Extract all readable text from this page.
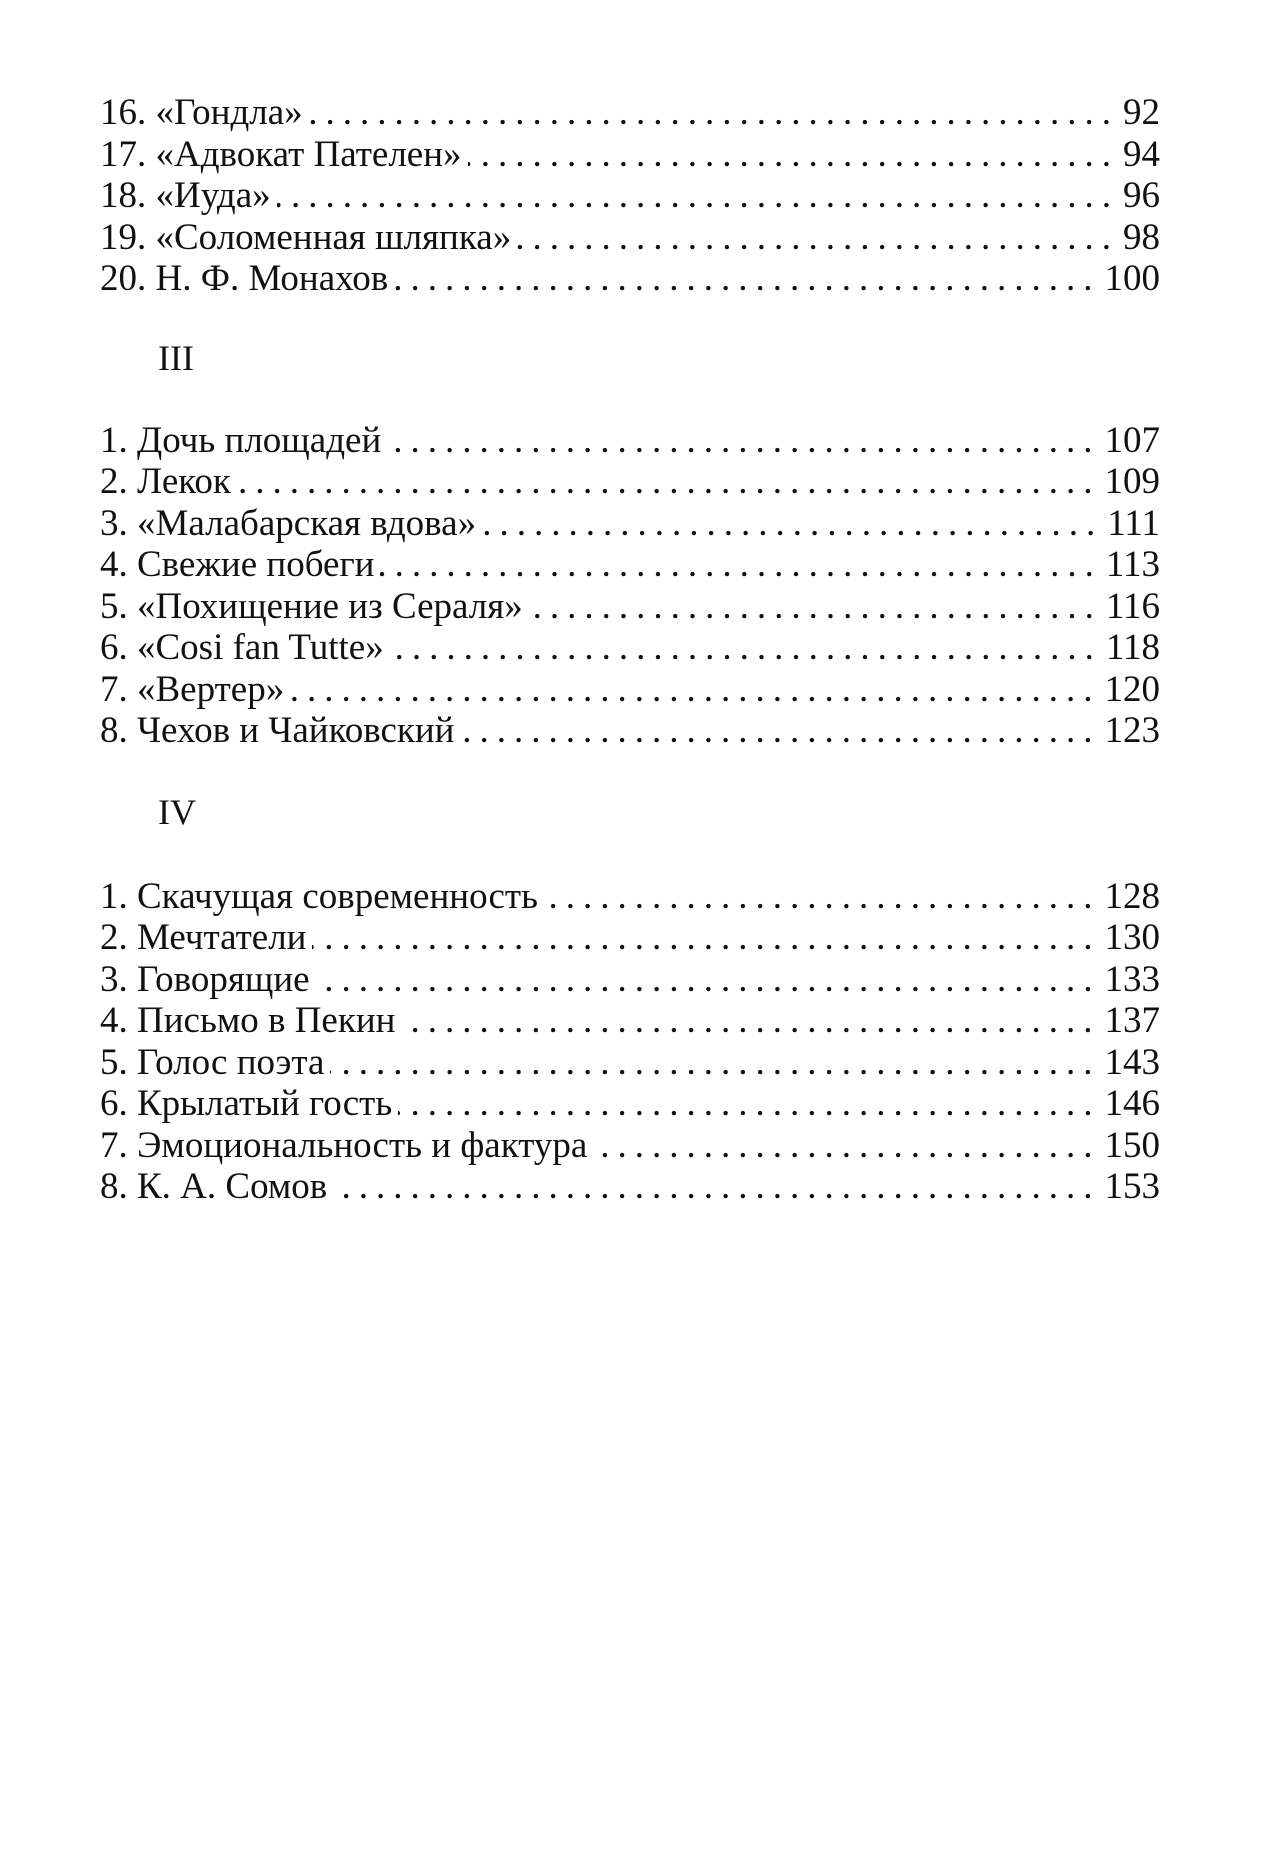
16. «Гондла» .....	92
17. «Адвокат Пателен» .....	94
18. «Иуда» .....	96
19. «Соломенная шляпка» .....	98
20. Н. Ф. Монахов .....	100
III
1. Дочь площадей .....	107
2. Лекок .....	109
3. «Малабарская вдова» .....	111
4. Свежие побеги .....	113
5. «Похищение из Сераля» .....	116
6. «Cosi fan Tutte» .....	118
7. «Вертер» .....	120
8. Чехов и Чайковский .....	123
IV
1. Скачущая современность .....	128
2. Мечтатели .....	130
3. Говорящие .....	133
4. Письмо в Пекин .....	137
5. Голос поэта .....	143
6. Крылатый гость .....	146
7. Эмоциональность и фактура .....	150
8. К. А. Сомов .....	153
